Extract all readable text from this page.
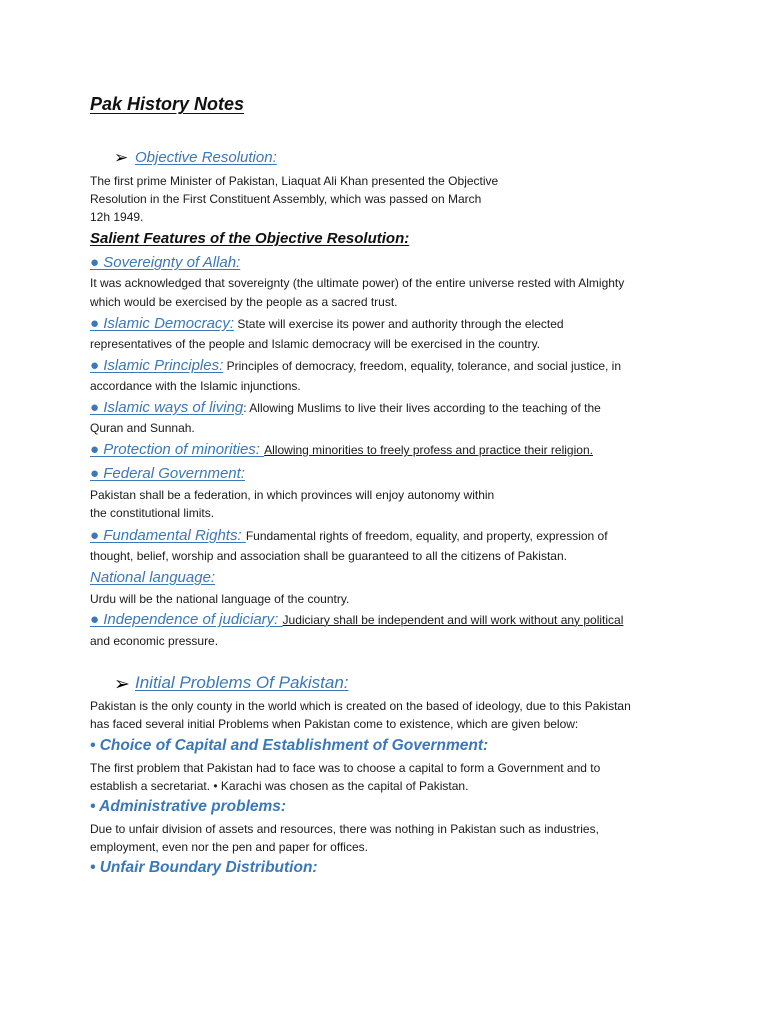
Pak History Notes
➢ Objective Resolution:
The first prime Minister of Pakistan, Liaquat Ali Khan presented the Objective
Resolution in the First Constituent Assembly, which was passed on March
12h 1949.
Salient Features of the Objective Resolution:
● Sovereignty of Allah:
It was acknowledged that sovereignty (the ultimate power) of the entire universe rested with Almighty
which would be exercised by the people as a sacred trust.
● Islamic Democracy: State will exercise its power and authority through the elected
representatives of the people and Islamic democracy will be exercised in the country.
● Islamic Principles: Principles of democracy, freedom, equality, tolerance, and social justice, in
accordance with the Islamic injunctions.
● Islamic ways of living: Allowing Muslims to live their lives according to the teaching of the
Quran and Sunnah.
● Protection of minorities: Allowing minorities to freely profess and practice their religion.
● Federal Government:
Pakistan shall be a federation, in which provinces will enjoy autonomy within
the constitutional limits.
● Fundamental Rights: Fundamental rights of freedom, equality, and property, expression of
thought, belief, worship and association shall be guaranteed to all the citizens of Pakistan.
National language:
Urdu will be the national language of the country.
● Independence of judiciary: Judiciary shall be independent and will work without any political
and economic pressure.
➢ Initial Problems Of Pakistan:
Pakistan is the only county in the world which is created on the based of ideology, due to this Pakistan
has faced several initial Problems when Pakistan come to existence, which are given below:
• Choice of Capital and Establishment of Government:
The first problem that Pakistan had to face was to choose a capital to form a Government and to
establish a secretariat. • Karachi was chosen as the capital of Pakistan.
• Administrative problems:
Due to unfair division of assets and resources, there was nothing in Pakistan such as industries,
employment, even nor the pen and paper for offices.
• Unfair Boundary Distribution:
